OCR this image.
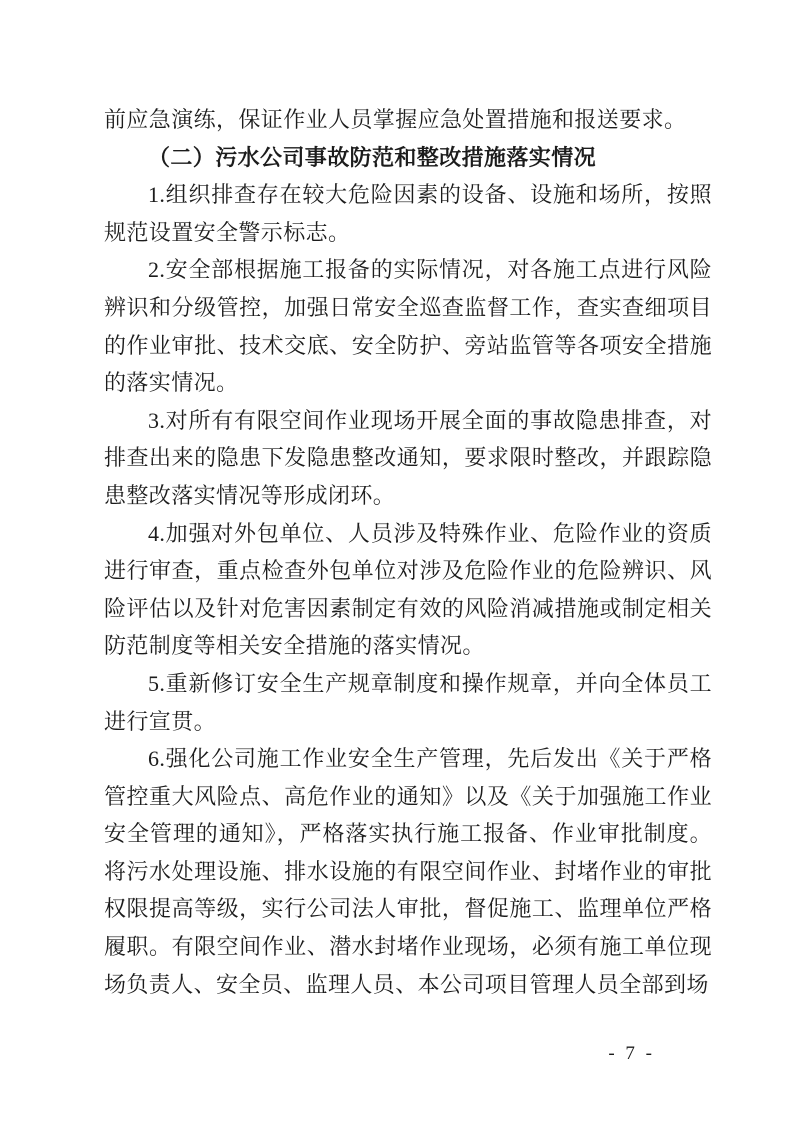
前应急演练，保证作业人员掌握应急处置措施和报送要求。

（二）污水公司事故防范和整改措施落实情况

1.组织排查存在较大危险因素的设备、设施和场所，按照规范设置安全警示标志。

2.安全部根据施工报备的实际情况，对各施工点进行风险辨识和分级管控，加强日常安全巡查监督工作，查实查细项目的作业审批、技术交底、安全防护、旁站监管等各项安全措施的落实情况。

3.对所有有限空间作业现场开展全面的事故隐患排查，对排查出来的隐患下发隐患整改通知，要求限时整改，并跟踪隐患整改落实情况等形成闭环。

4.加强对外包单位、人员涉及特殊作业、危险作业的资质进行审查，重点检查外包单位对涉及危险作业的危险辨识、风险评估以及针对危害因素制定有效的风险消减措施或制定相关防范制度等相关安全措施的落实情况。

5.重新修订安全生产规章制度和操作规章，并向全体员工进行宣贯。

6.强化公司施工作业安全生产管理，先后发出《关于严格管控重大风险点、高危作业的通知》以及《关于加强施工作业安全管理的通知》，严格落实执行施工报备、作业审批制度。将污水处理设施、排水设施的有限空间作业、封堵作业的审批权限提高等级，实行公司法人审批，督促施工、监理单位严格履职。有限空间作业、潜水封堵作业现场，必须有施工单位现场负责人、安全员、监理人员、本公司项目管理人员全部到场

- 7 -
